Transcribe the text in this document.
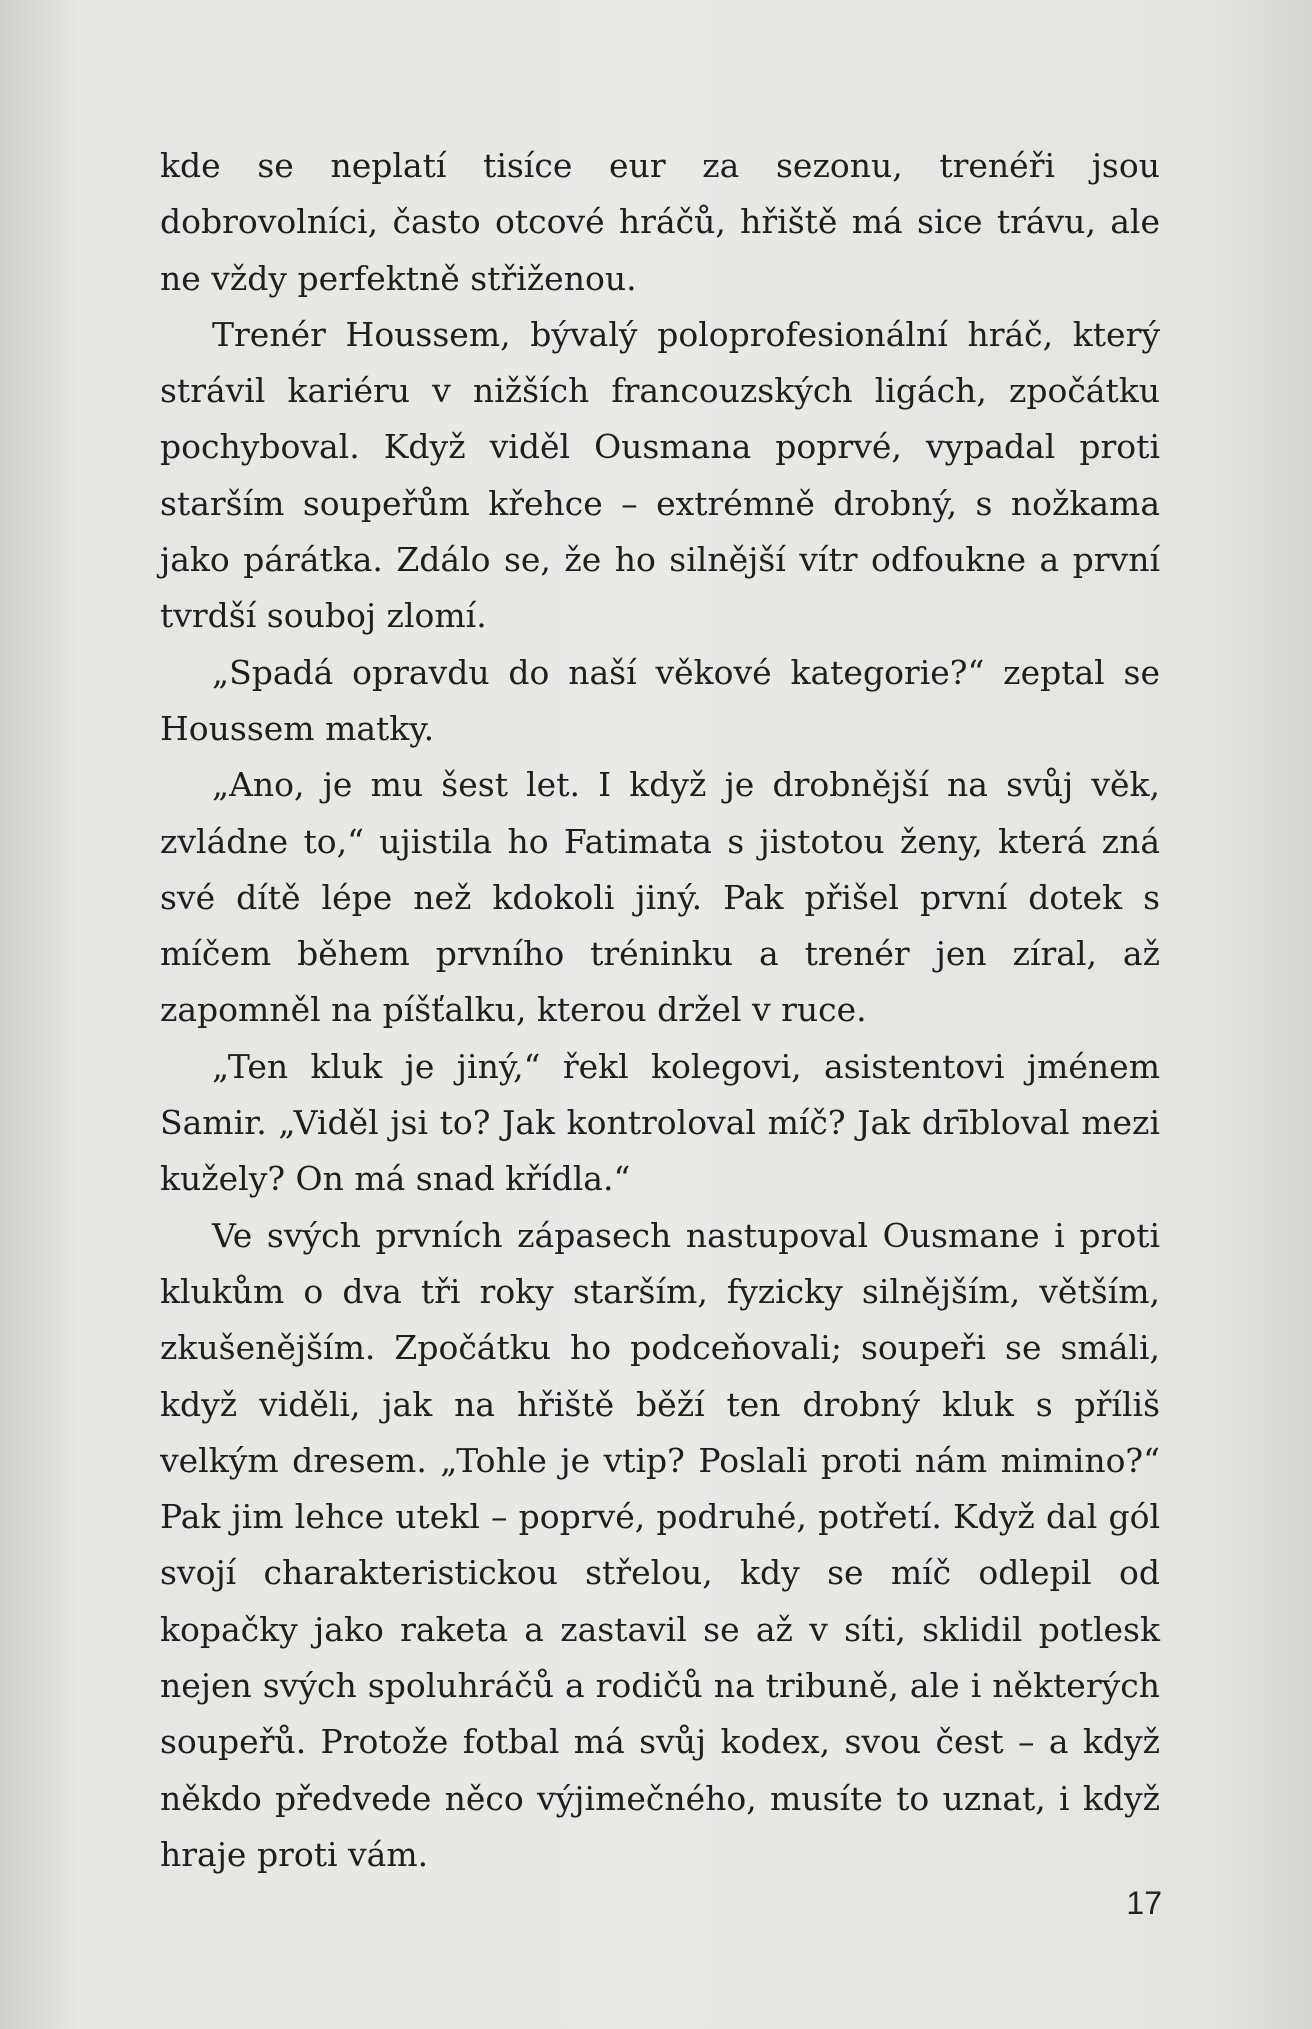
kde se neplatí tisíce eur za sezonu, trenéři jsou dobrovolníci, často otcové hráčů, hřiště má sice trávu, ale ne vždy perfektně střiženou.

Trenér Houssem, bývalý poloprofesionální hráč, který strávil kariéru v nižších francouzských ligách, zpočátku pochyboval. Když viděl Ousmana poprvé, vypadal proti starším soupeřům křehce – extrémně drobný, s nožkama jako párátka. Zdálo se, že ho silnější vítr odfoukne a první tvrdší souboj zlomí.

„Spadá opravdu do naší věkové kategorie?“ zeptal se Houssem matky.

„Ano, je mu šest let. I když je drobnější na svůj věk, zvládne to,“ ujistila ho Fatimata s jistotou ženy, která zná své dítě lépe než kdokoli jiný. Pak přišel první dotek s míčem během prvního tréninku a trenér jen zíral, až zapomněl na píšťalku, kterou držel v ruce.

„Ten kluk je jiný,“ řekl kolegovi, asistentovi jménem Samir. „Viděl jsi to? Jak kontroloval míč? Jak drībloval mezi kužely? On má snad křídla.“

Ve svých prvních zápasech nastupoval Ousmane i proti klukům o dva tři roky starším, fyzicky silnějším, větším, zkušenějším. Zpočátku ho podceňovali; soupeři se smáli, když viděli, jak na hřiště běží ten drobný kluk s příliš velkým dresem. „Tohle je vtip? Poslali proti nám mimino?“ Pak jim lehce utekl – poprvé, podruhé, potřetí. Když dal gól svojí charakteristickou střelou, kdy se míč odlepil od kopačky jako raketa a zastavil se až v síti, sklidil potlesk nejen svých spoluhráčů a rodičů na tribuně, ale i některých soupeřů. Protože fotbal má svůj kodex, svou čest – a když někdo předvede něco výjimečného, musíte to uznat, i když hraje proti vám.

17
